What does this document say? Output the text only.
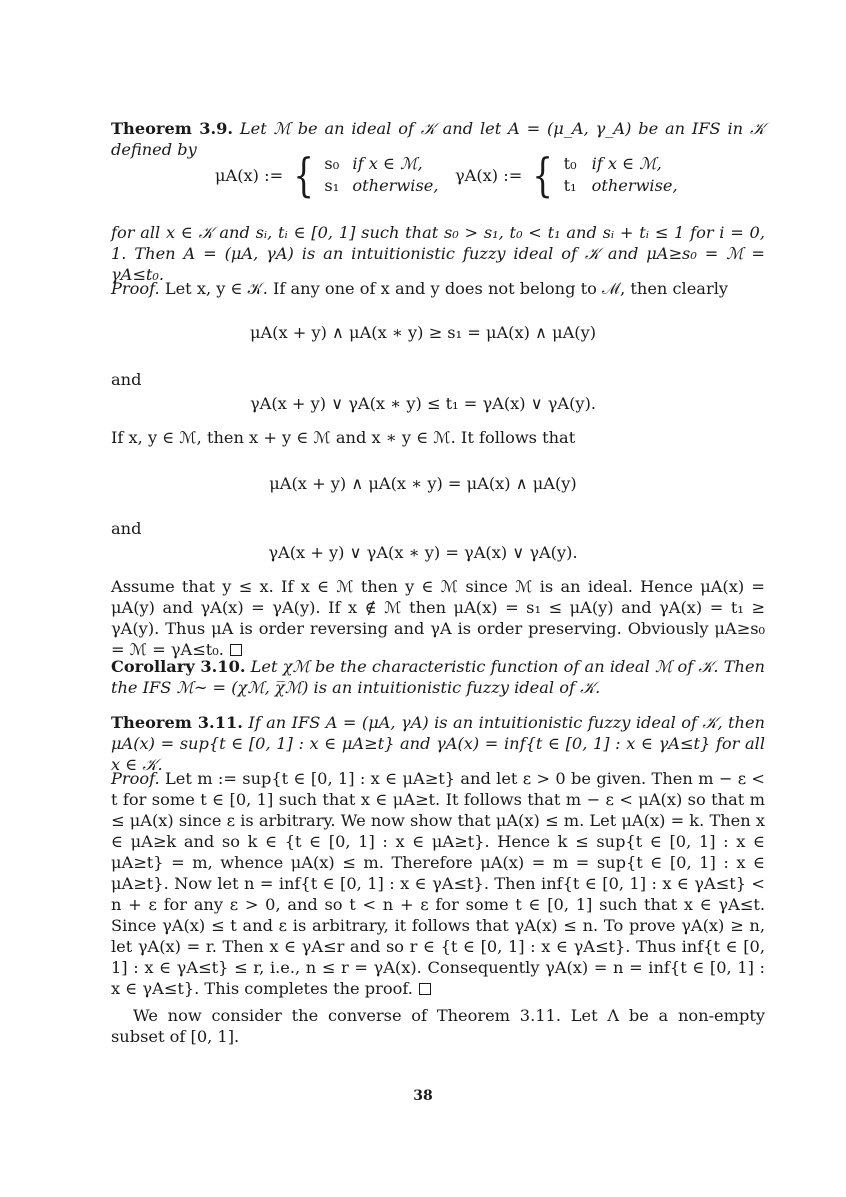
Theorem 3.9. Let ℳ be an ideal of 𝒦 and let A = (μ_A, γ_A) be an IFS in 𝒦 defined by

μA(x) := { s₀ if x ∈ ℳ,
s₁ otherwise,
γA(x) := { t₀ if x ∈ ℳ,
t₁ otherwise,

for all x ∈ 𝒦 and sᵢ, tᵢ ∈ [0, 1] such that s₀ > s₁, t₀ < t₁ and sᵢ + tᵢ ≤ 1 for i = 0, 1. Then A = (μA, γA) is an intuitionistic fuzzy ideal of 𝒦 and μA≥s₀ = ℳ = γA≤t₀.

Proof. Let x, y ∈ 𝒦. If any one of x and y does not belong to ℳ, then clearly

μA(x + y) ∧ μA(x ∗ y) ≥ s₁ = μA(x) ∧ μA(y)

and

γA(x + y) ∨ γA(x ∗ y) ≤ t₁ = γA(x) ∨ γA(y).

If x, y ∈ ℳ, then x + y ∈ ℳ and x ∗ y ∈ ℳ. It follows that

μA(x + y) ∧ μA(x ∗ y) = μA(x) ∧ μA(y)

and

γA(x + y) ∨ γA(x ∗ y) = γA(x) ∨ γA(y).

Assume that y ≤ x. If x ∈ ℳ then y ∈ ℳ since ℳ is an ideal. Hence μA(x) = μA(y) and γA(x) = γA(y). If x ∉ ℳ then μA(x) = s₁ ≤ μA(y) and γA(x) = t₁ ≥ γA(y). Thus μA is order reversing and γA is order preserving. Obviously μA≥s₀ = ℳ = γA≤t₀.

Corollary 3.10. Let χℳ be the characteristic function of an ideal ℳ of 𝒦. Then the IFS ℳ∼ = (χℳ, χ̅ℳ) is an intuitionistic fuzzy ideal of 𝒦.

Theorem 3.11. If an IFS A = (μA, γA) is an intuitionistic fuzzy ideal of 𝒦, then μA(x) = sup{t ∈ [0, 1] : x ∈ μA≥t} and γA(x) = inf{t ∈ [0, 1] : x ∈ γA≤t} for all x ∈ 𝒦.

Proof. Let m := sup{t ∈ [0, 1] : x ∈ μA≥t} and let ε > 0 be given. Then m − ε < t for some t ∈ [0, 1] such that x ∈ μA≥t. It follows that m − ε < μA(x) so that m ≤ μA(x) since ε is arbitrary. We now show that μA(x) ≤ m. Let μA(x) = k. Then x ∈ μA≥k and so k ∈ {t ∈ [0, 1] : x ∈ μA≥t}. Hence k ≤ sup{t ∈ [0, 1] : x ∈ μA≥t} = m, whence μA(x) ≤ m. Therefore μA(x) = m = sup{t ∈ [0, 1] : x ∈ μA≥t}. Now let n = inf{t ∈ [0, 1] : x ∈ γA≤t}. Then inf{t ∈ [0, 1] : x ∈ γA≤t} < n + ε for any ε > 0, and so t < n + ε for some t ∈ [0, 1] such that x ∈ γA≤t. Since γA(x) ≤ t and ε is arbitrary, it follows that γA(x) ≤ n. To prove γA(x) ≥ n, let γA(x) = r. Then x ∈ γA≤r and so r ∈ {t ∈ [0, 1] : x ∈ γA≤t}. Thus inf{t ∈ [0, 1] : x ∈ γA≤t} ≤ r, i.e., n ≤ r = γA(x). Consequently γA(x) = n = inf{t ∈ [0, 1] : x ∈ γA≤t}. This completes the proof.

We now consider the converse of Theorem 3.11. Let Λ be a non-empty subset of [0, 1].

38
